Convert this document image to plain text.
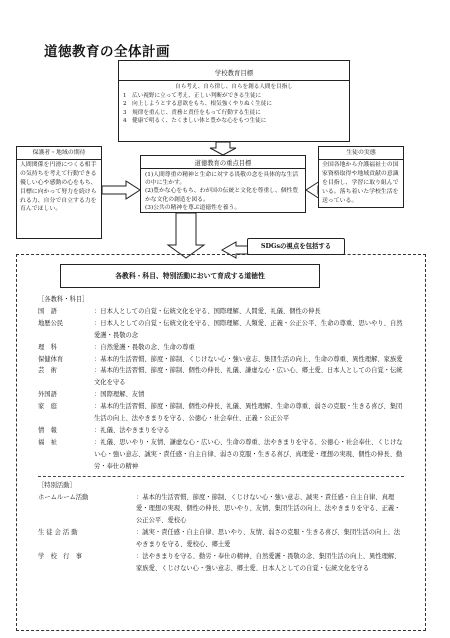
道徳教育の全体計画
学校教育目標
自ら考え、自ら律し、自らを創る人間を目指し
1　広い視野に立って考え、正しい判断ができる生徒に
2　向上しようとする意欲をもち、根気強くやりぬく生徒に
3　規律を重んじ、責務と責任をもって行動する生徒に
4　健康で明るく、たくましい体と豊かな心をもつ生徒に
保護者・地域の期待
人間関係を円滑につくる相手の気持ちを考えて行動できる優しい心や感動の心をもち、目標に向かって努力を続けられる力、自分で自立する力を育んでほしい。
生徒の実態
全国各地から介護福祉士の国家資格取得や地域貢献の意識を目指し、学習に取り組んでいる。落ち着いた学校生活を送っている。
道徳教育の重点目標
(1)人間尊重の精神と生命に対する畏敬の念を具体的な生活の中に生かす。
(2)豊かな心をもち、わが国の伝統と文化を尊重し、個性豊かな文化の創造を図る。
(3)公共の精神を尊ぶ道徳性を養う。
SDGsの視点を包括する
各教科・科目、特別活動において育成する道徳性
［各教科・科目］
国　語	：日本人としての自覚・伝統文化を守る、国際理解、人間愛、礼儀、個性の伸長
地歴公民	：日本人としての自覚・伝統文化を守る、国際理解、人類愛、正義・公正公平、生命の尊重、思いやり、自然愛護・畏敬の念
理　科	：自然愛護・畏敬の念、生命の尊重
保健体育	：基本的生活習慣、節度・節制、くじけない心・強い意志、集団生活の向上、生命の尊重、異性理解、家族愛
芸　術	：基本的生活習慣、節度・節制、個性の伸長、礼儀、謙虚な心・広い心、郷土愛、日本人としての自覚・伝統文化を守る
外国語	：国際理解、友情
家　庭	：基本的生活習慣、節度・節制、個性の伸長、礼儀、異性理解、生命の尊重、弱さの克服・生きる喜び、集団生活の向上、法やきまりを守る、公徳心・社会奉仕、正義・公正公平
情　報	：礼儀、法やきまりを守る
福　祉	：礼儀、思いやり・友情、謙虚な心・広い心、生命の尊重、法やきまりを守る、公徳心・社会奉仕、くじけない心・強い意志、誠実・責任感・自主自律、弱さの克服・生きる喜び、真理愛・理想の実現、個性の伸長、勤労・奉仕の精神
［特別活動］
ホームルーム活動	：基本的生活習慣、節度・節制、くじけない心・強い意志、誠実・責任感・自主自律、真理愛・理想の実現、個性の伸長、思いやり、友情、集団生活の向上、法やきまりを守る、正義・公正公平、愛校心
生 徒 会 活 動	：誠実・責任感・自主自律、思いやり、友情、弱さの克服・生きる喜び、集団生活の向上、法やきまりを守る、愛校心、郷土愛
学　校　行　事	：法やきまりを守る、勤労・奉仕の精神、自然愛護・畏敬の念、集団生活の向上、異性理解、家族愛、くじけない心・強い意志、郷土愛、日本人としての自覚・伝統文化を守る
